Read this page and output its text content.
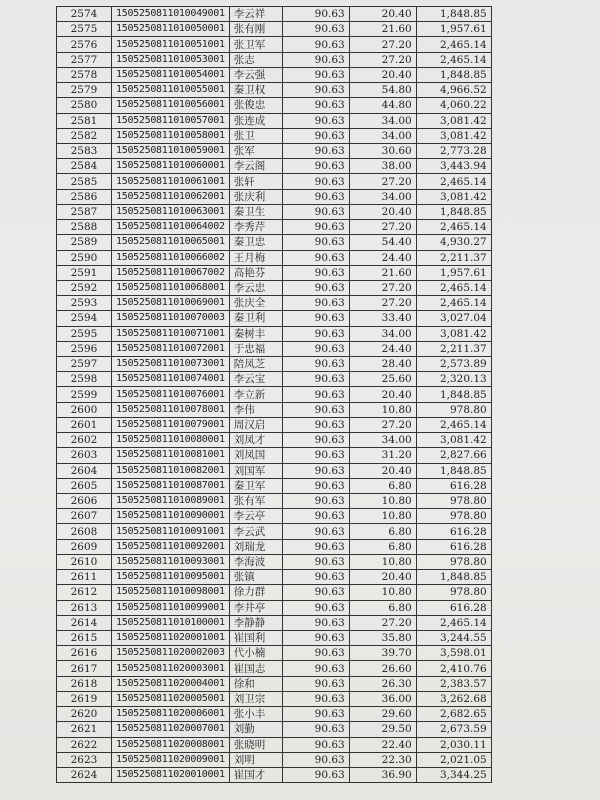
2574	1505250811010049001	李云祥	90.63	20.40	1,848.85
2575	1505250811010050001	张有刚	90.63	21.60	1,957.61
2576	1505250811010051001	张卫军	90.63	27.20	2,465.14
2577	1505250811010053001	张志	90.63	27.20	2,465.14
2578	1505250811010054001	李云强	90.63	20.40	1,848.85
2579	1505250811010055001	秦卫权	90.63	54.80	4,966.52
2580	1505250811010056001	张俊忠	90.63	44.80	4,060.22
2581	1505250811010057001	张连成	90.63	34.00	3,081.42
2582	1505250811010058001	张卫	90.63	34.00	3,081.42
2583	1505250811010059001	张军	90.63	30.60	2,773.28
2584	1505250811010060001	李云阁	90.63	38.00	3,443.94
2585	1505250811010061001	张轩	90.63	27.20	2,465.14
2586	1505250811010062001	张庆利	90.63	34.00	3,081.42
2587	1505250811010063001	秦卫生	90.63	20.40	1,848.85
2588	1505250811010064002	李秀芹	90.63	27.20	2,465.14
2589	1505250811010065001	秦卫忠	90.63	54.40	4,930.27
2590	1505250811010066002	王月梅	90.63	24.40	2,211.37
2591	1505250811010067002	高艳芬	90.63	21.60	1,957.61
2592	1505250811010068001	李云忠	90.63	27.20	2,465.14
2593	1505250811010069001	张庆全	90.63	27.20	2,465.14
2594	1505250811010070003	秦卫利	90.63	33.40	3,027.04
2595	1505250811010071001	秦树丰	90.63	34.00	3,081.42
2596	1505250811010072001	于忠福	90.63	24.40	2,211.37
2597	1505250811010073001	陪凤芝	90.63	28.40	2,573.89
2598	1505250811010074001	李云宝	90.63	25.60	2,320.13
2599	1505250811010076001	李立新	90.63	20.40	1,848.85
2600	1505250811010078001	李伟	90.63	10.80	978.80
2601	1505250811010079001	周汉启	90.63	27.20	2,465.14
2602	1505250811010080001	刘凤才	90.63	34.00	3,081.42
2603	1505250811010081001	刘凤国	90.63	31.20	2,827.66
2604	1505250811010082001	刘国军	90.63	20.40	1,848.85
2605	1505250811010087001	秦卫军	90.63	6.80	616.28
2606	1505250811010089001	张有军	90.63	10.80	978.80
2607	1505250811010090001	李云亭	90.63	10.80	978.80
2608	1505250811010091001	李云武	90.63	6.80	616.28
2609	1505250811010092001	刘瑞龙	90.63	6.80	616.28
2610	1505250811010093001	李海波	90.63	10.80	978.80
2611	1505250811010095001	张镇	90.63	20.40	1,848.85
2612	1505250811010098001	徐力群	90.63	10.80	978.80
2613	1505250811010099001	李井亭	90.63	6.80	616.28
2614	1505250811010100001	李静静	90.63	27.20	2,465.14
2615	1505250811020001001	崔国利	90.63	35.80	3,244.55
2616	1505250811020002003	代小楠	90.63	39.70	3,598.01
2617	1505250811020003001	崔国志	90.63	26.60	2,410.76
2618	1505250811020004001	徐和	90.63	26.30	2,383.57
2619	1505250811020005001	刘卫宗	90.63	36.00	3,262.68
2620	1505250811020006001	张小丰	90.63	29.60	2,682.65
2621	1505250811020007001	刘勤	90.63	29.50	2,673.59
2622	1505250811020008001	张晓明	90.63	22.40	2,030.11
2623	1505250811020009001	刘明	90.63	22.30	2,021.05
2624	1505250811020010001	崔国才	90.63	36.90	3,344.25
